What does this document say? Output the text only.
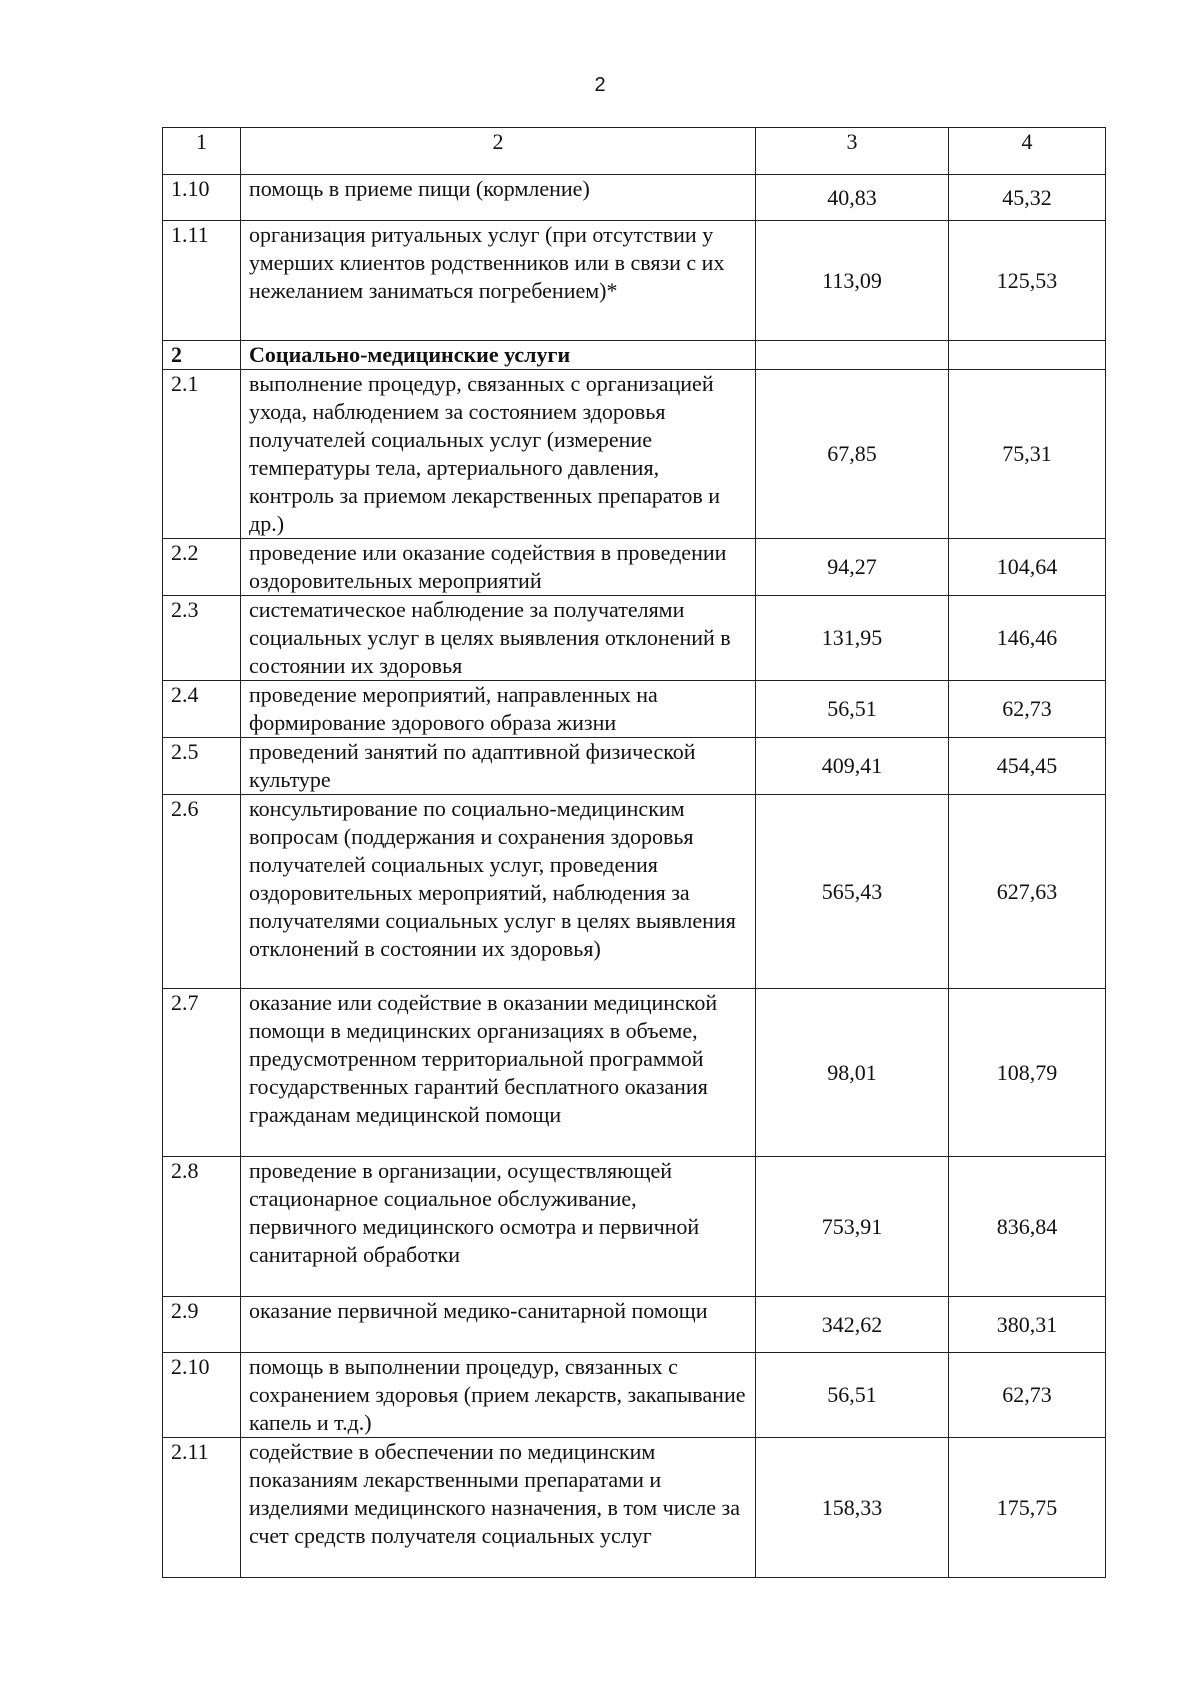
2
1	2	3	4
1.10	помощь в приеме пищи (кормление)	40,83	45,32
1.11	организация ритуальных услуг (при отсутствии у умерших клиентов родственников или в связи с их нежеланием заниматься погребением)*	113,09	125,53
2	Социально-медицинские услуги		
2.1	выполнение процедур, связанных с организацией ухода, наблюдением за состоянием здоровья получателей социальных услуг (измерение температуры тела, артериального давления, контроль за приемом лекарственных препаратов и др.)	67,85	75,31
2.2	проведение или оказание содействия в проведении оздоровительных мероприятий	94,27	104,64
2.3	систематическое наблюдение за получателями социальных услуг в целях выявления отклонений в состоянии их здоровья	131,95	146,46
2.4	проведение мероприятий, направленных на формирование здорового образа жизни	56,51	62,73
2.5	проведений занятий по адаптивной физической культуре	409,41	454,45
2.6	консультирование по социально-медицинским вопросам (поддержания и сохранения здоровья получателей социальных услуг, проведения оздоровительных мероприятий, наблюдения за получателями социальных услуг в целях выявления отклонений в состоянии их здоровья)	565,43	627,63
2.7	оказание или содействие в оказании медицинской помощи в медицинских организациях в объеме, предусмотренном территориальной программой государственных гарантий бесплатного оказания гражданам медицинской помощи	98,01	108,79
2.8	проведение в организации, осуществляющей стационарное социальное обслуживание, первичного медицинского осмотра и первичной санитарной обработки	753,91	836,84
2.9	оказание первичной медико-санитарной помощи	342,62	380,31
2.10	помощь в выполнении процедур, связанных с сохранением здоровья (прием лекарств, закапывание капель и т.д.)	56,51	62,73
2.11	содействие в обеспечении по медицинским показаниям лекарственными препаратами и изделиями медицинского назначения, в том числе за счет средств получателя социальных услуг	158,33	175,75
